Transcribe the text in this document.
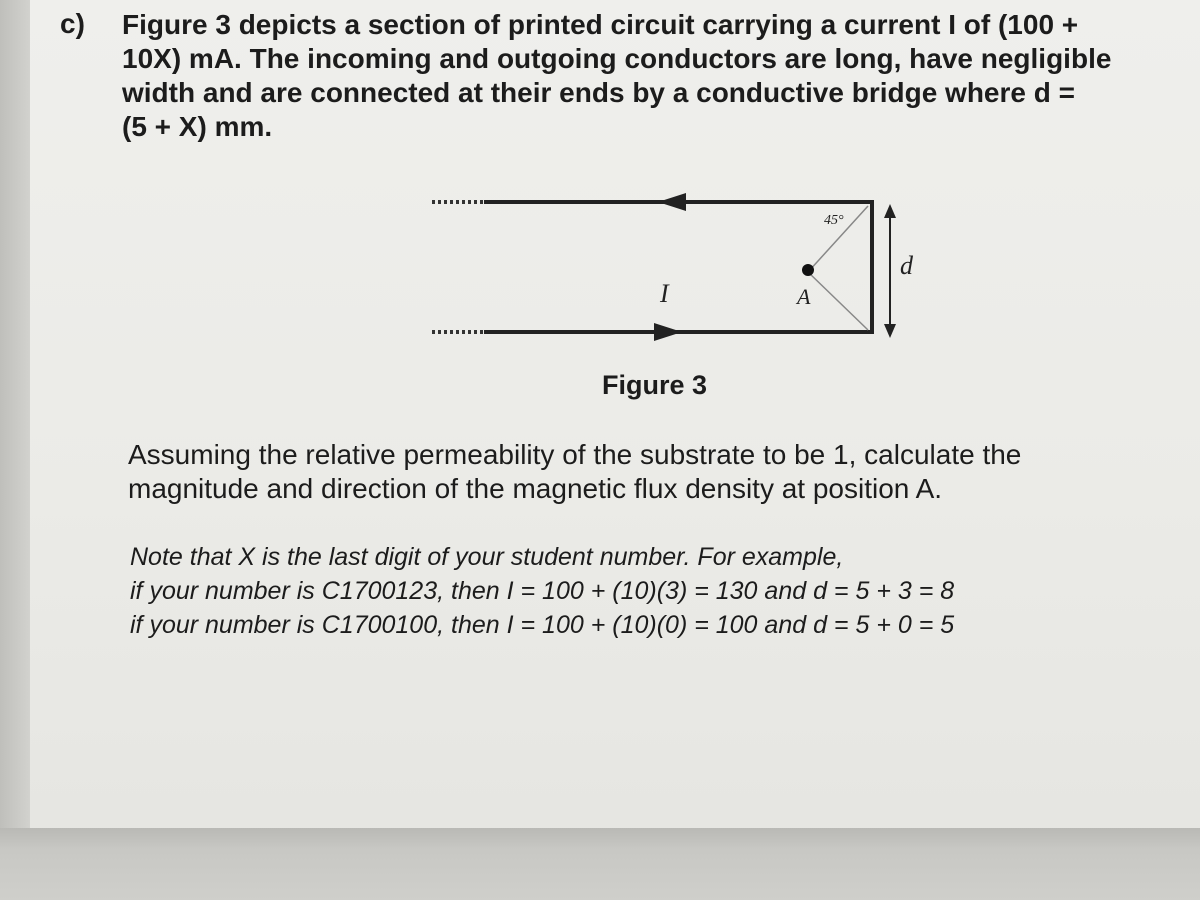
c) Figure 3 depicts a section of printed circuit carrying a current I of (100 +
10X) mA. The incoming and outgoing conductors are long, have negligible
width and are connected at their ends by a conductive bridge where d =
(5 + X) mm.
45°
A
I
d
Figure 3
Assuming the relative permeability of the substrate to be 1, calculate the
magnitude and direction of the magnetic flux density at position A.
Note that X is the last digit of your student number. For example,
if your number is C1700123, then I = 100 + (10)(3) = 130 and d = 5 + 3 = 8
if your number is C1700100, then I = 100 + (10)(0) = 100 and d = 5 + 0 = 5
